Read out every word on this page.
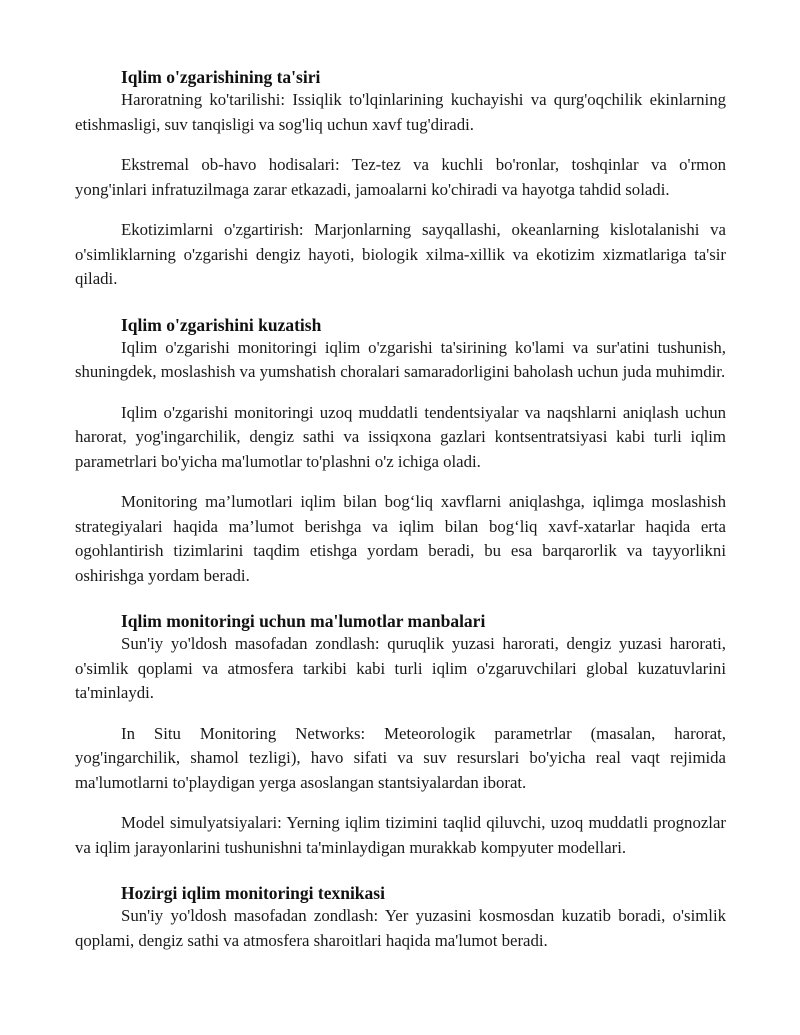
Iqlim o'zgarishining ta'siri

Haroratning ko'tarilishi: Issiqlik to'lqinlarining kuchayishi va qurg'oqchilik ekinlarning etishmasligi, suv tanqisligi va sog'liq uchun xavf tug'diradi.

Ekstremal ob-havo hodisalari: Tez-tez va kuchli bo'ronlar, toshqinlar va o'rmon yong'inlari infratuzilmaga zarar etkazadi, jamoalarni ko'chiradi va hayotga tahdid soladi.

Ekotizimlarni o'zgartirish: Marjonlarning sayqallashi, okeanlarning kislotalanishi va o'simliklarning o'zgarishi dengiz hayoti, biologik xilma-xillik va ekotizim xizmatlariga ta'sir qiladi.

Iqlim o'zgarishini kuzatish

Iqlim o'zgarishi monitoringi iqlim o'zgarishi ta'sirining ko'lami va sur'atini tushunish, shuningdek, moslashish va yumshatish choralari samaradorligini baholash uchun juda muhimdir.

Iqlim o'zgarishi monitoringi uzoq muddatli tendentsiyalar va naqshlarni aniqlash uchun harorat, yog'ingarchilik, dengiz sathi va issiqxona gazlari kontsentratsiyasi kabi turli iqlim parametrlari bo'yicha ma'lumotlar to'plashni o'z ichiga oladi.

Monitoring ma’lumotlari iqlim bilan bog‘liq xavflarni aniqlashga, iqlimga moslashish strategiyalari haqida ma’lumot berishga va iqlim bilan bog‘liq xavf-xatarlar haqida erta ogohlantirish tizimlarini taqdim etishga yordam beradi, bu esa barqarorlik va tayyorlikni oshirishga yordam beradi.

Iqlim monitoringi uchun ma'lumotlar manbalari

Sun'iy yo'ldosh masofadan zondlash: quruqlik yuzasi harorati, dengiz yuzasi harorati, o'simlik qoplami va atmosfera tarkibi kabi turli iqlim o'zgaruvchilari global kuzatuvlarini ta'minlaydi.

In Situ Monitoring Networks: Meteorologik parametrlar (masalan, harorat, yog'ingarchilik, shamol tezligi), havo sifati va suv resurslari bo'yicha real vaqt rejimida ma'lumotlarni to'playdigan yerga asoslangan stantsiyalardan iborat.

Model simulyatsiyalari: Yerning iqlim tizimini taqlid qiluvchi, uzoq muddatli prognozlar va iqlim jarayonlarini tushunishni ta'minlaydigan murakkab kompyuter modellari.

Hozirgi iqlim monitoringi texnikasi

Sun'iy yo'ldosh masofadan zondlash: Yer yuzasini kosmosdan kuzatib boradi, o'simlik qoplami, dengiz sathi va atmosfera sharoitlari haqida ma'lumot beradi.
